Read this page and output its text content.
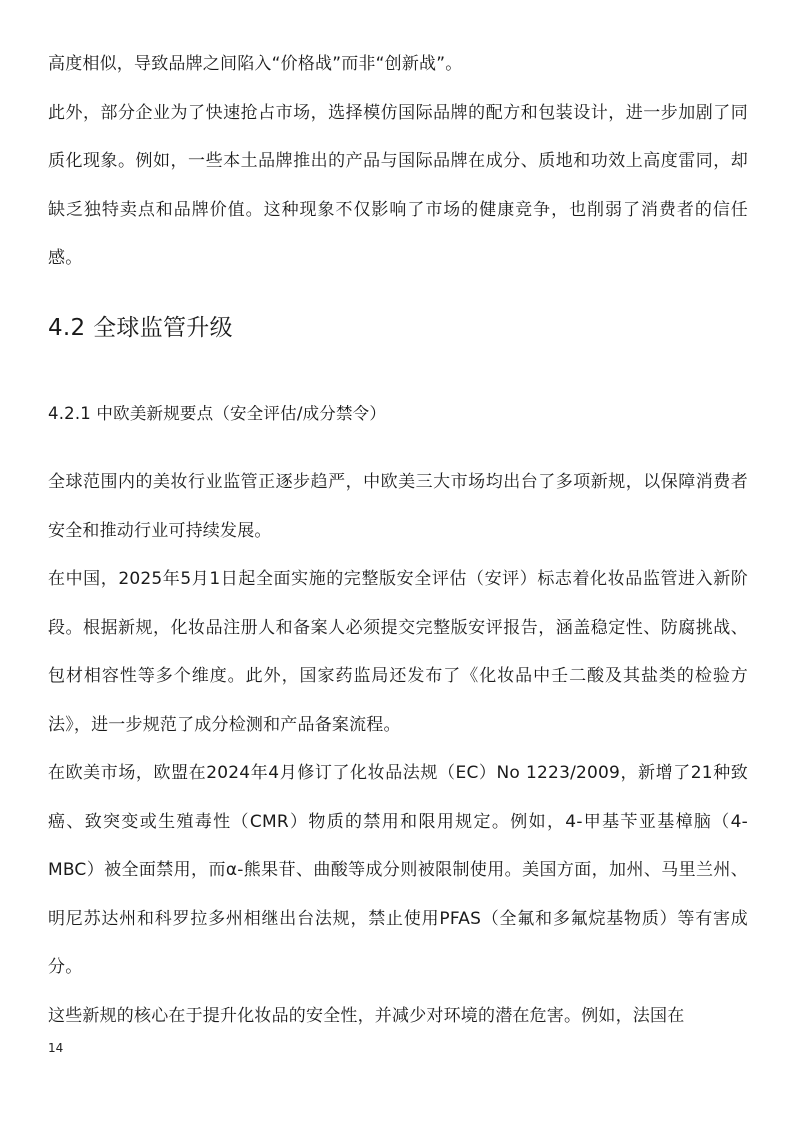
高度相似，导致品牌之间陷入“价格战”而非“创新战”。

此外，部分企业为了快速抢占市场，选择模仿国际品牌的配方和包装设计，进一步加剧了同质化现象。例如，一些本土品牌推出的产品与国际品牌在成分、质地和功效上高度雷同，却缺乏独特卖点和品牌价值。这种现象不仅影响了市场的健康竞争，也削弱了消费者的信任感。

4.2 全球监管升级
4.2.1 中欧美新规要点（安全评估/成分禁令）

全球范围内的美妆行业监管正逐步趋严，中欧美三大市场均出台了多项新规，以保障消费者安全和推动行业可持续发展。

在中国，2025年5月1日起全面实施的完整版安全评估（安评）标志着化妆品监管进入新阶段。根据新规，化妆品注册人和备案人必须提交完整版安评报告，涵盖稳定性、防腐挑战、包材相容性等多个维度。此外，国家药监局还发布了《化妆品中壬二酸及其盐类的检验方法》，进一步规范了成分检测和产品备案流程。

在欧美市场，欧盟在2024年4月修订了化妆品法规（EC）No 1223/2009，新增了21种致癌、致突变或生殖毒性（CMR）物质的禁用和限用规定。例如，4-甲基苄亚基樟脑（4-MBC）被全面禁用，而α-熊果苷、曲酸等成分则被限制使用。美国方面，加州、马里兰州、明尼苏达州和科罗拉多州相继出台法规，禁止使用PFAS（全氟和多氟烷基物质）等有害成分。

这些新规的核心在于提升化妆品的安全性，并减少对环境的潜在危害。例如，法国在

14
